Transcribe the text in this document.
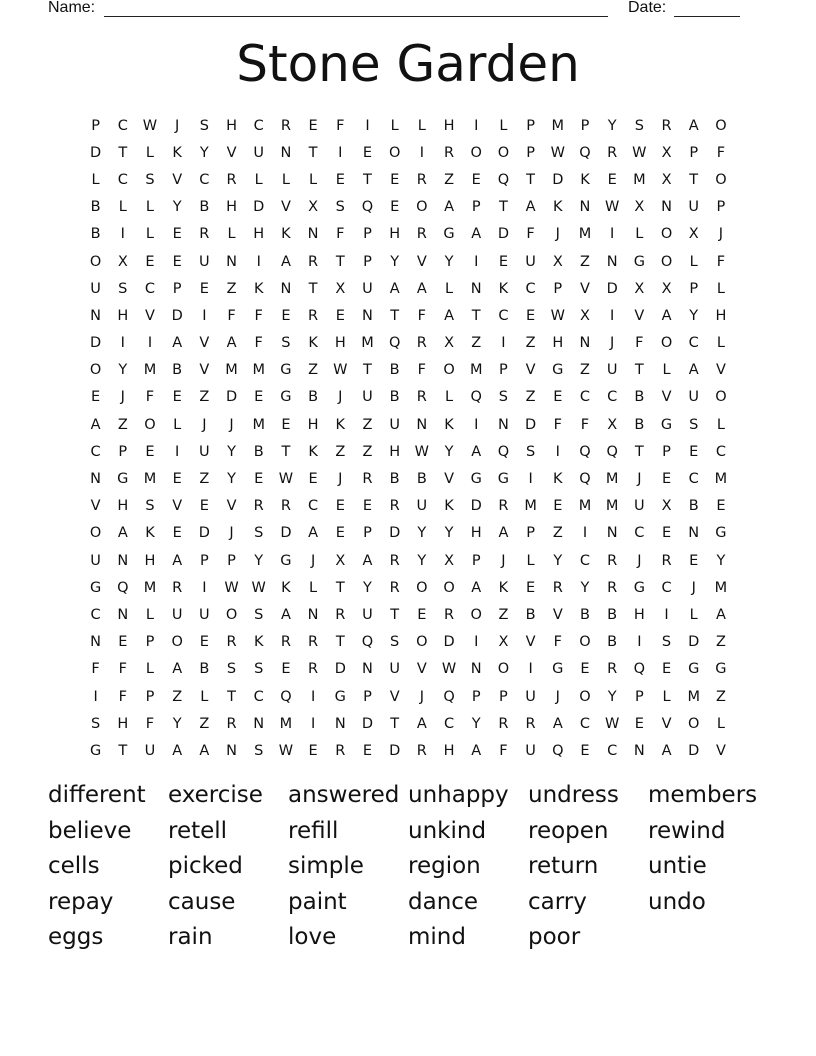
Name:	Date:
Stone Garden
P	C	W	J	S	H	C	R	E	F	I	L	L	H	I	L	P	M	P	Y	S	R	A	O
D	T	L	K	Y	V	U	N	T	I	E	O	I	R	O	O	P	W Q	R	W	X	P	F
L	C	S	V	C	R	L	L	L	E	T	E	R	Z	E	Q	T	D	K	E	M	X	T	O
B	L	L	Y	B	H	D	V	X	S	Q	E	O	A	P	T	A	K	N	W	X	N	U	P
B	I	L	E	R	L	H	K	N	F	P	H	R	G	A	D	F	J	M	I	L	O	X	J
O	X	E	E	U	N	I	A	R	T	P	Y	V	Y	I	E	U	X	Z	N	G	O	L	F
U	S	C	P	E	Z	K	N	T	X	U	A	A	L	N	K	C	P	V	D	X	X	P	L
N	H	V	D	I	F	F	E	R	E	N	T	F	A	T	C	E	W	X	I	V	A	Y	H
D	I	I	A	V	A	F	S	K	H	M	Q	R	X	Z	I	Z	H	N	J	F	O	C	L
O	Y	M	B	V	M	M	G	Z	W	T	B	F	O	M	P	V	G	Z	U	T	L	A	V
E	J	F	E	Z	D	E	G	B	J	U	B	R	L	Q	S	Z	E	C	C	B	V	U	O
A	Z	O	L	J	J	M	E	H	K	Z	U	N	K	I	N	D	F	F	X	B	G	S	L
C	P	E	I	U	Y	B	T	K	Z	Z	H	W	Y	A	Q	S	I	Q	Q	T	P	E	C
N	G	M	E	Z	Y	E	W	E	J	R	B	B	V	G	G	I	K	Q	M	J	E	C	M
V	H	S	V	E	V	R	R	C	E	E	R	U	K	D	R	M	E	M	M	U	X	B	E
O	A	K	E	D	J	S	D	A	E	P	D	Y	Y	H	A	P	Z	I	N	C	E	N	G
U	N	H	A	P	P	Y	G	J	X	A	R	Y	X	P	J	L	Y	C	R	J	R	E	Y
G	Q	M	R	I	W W	K	L	T	Y	R	O	O	A	K	E	R	Y	R	G	C	J	M
C	N	L	U	U	O	S	A	N	R	U	T	E	R	O	Z	B	V	B	B	H	I	L	A
N	E	P	O	E	R	K	R	R	T	Q	S	O	D	I	X	V	F	O	B	I	S	D	Z
F	F	L	A	B	S	S	E	R	D	N	U	V	W	N	O	I	G	E	R	Q	E	G	G
I	F	P	Z	L	T	C	Q	I	G	P	V	J	Q	P	P	U	J	O	Y	P	L	M	Z
S	H	F	Y	Z	R	N	M	I	N	D	T	A	C	Y	R	R	A	C	W	E	V	O	L
G	T	U	A	A	N	S	W	E	R	E	D	R	H	A	F	U	Q	E	C	N	A	D	V
different exercise	answered unhappy undress	members
believe	retell	refill	unkind	reopen	rewind
cells	picked	simple	region	return	untie
repay	cause	paint	dance	carry	undo
eggs	rain	love	mind	poor
